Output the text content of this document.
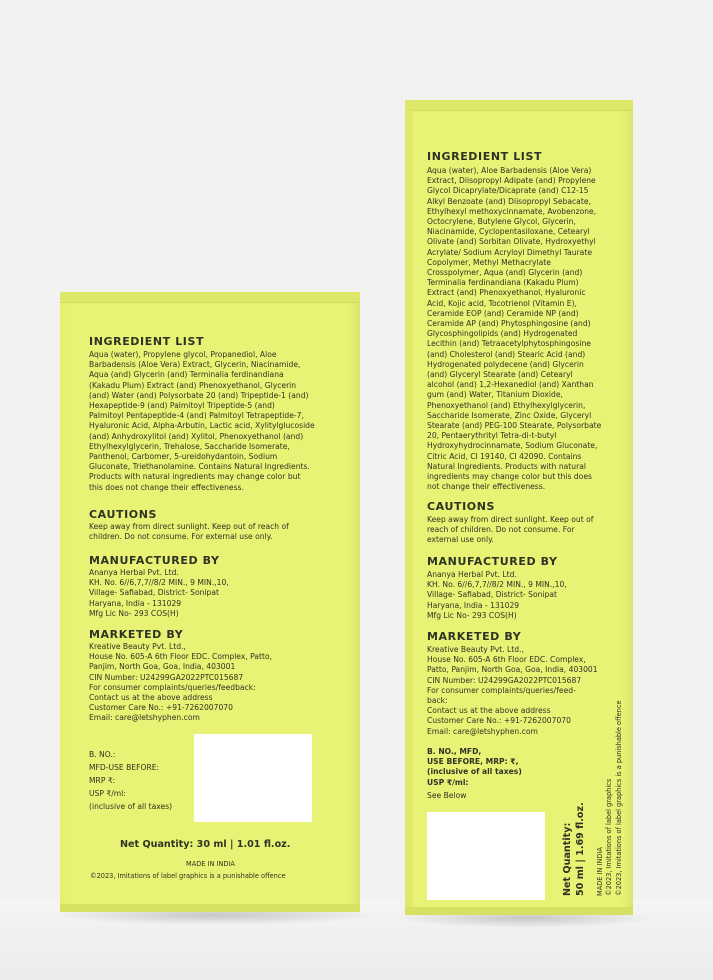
INGREDIENT LIST

Aqua (water), Propylene glycol, Propanediol, Aloe
Barbadensis (Aloe Vera) Extract, Glycerin, Niacinamide,
Aqua (and) Glycerin (and) Terminalia ferdinandiana
(Kakadu Plum) Extract (and) Phenoxyethanol, Glycerin
(and) Water (and) Polysorbate 20 (and) Tripeptide-1 (and)
Hexapeptide-9 (and) Palmitoyl Tripeptide-5 (and)
Palmitoyl Pentapeptide-4 (and) Palmitoyl Tetrapeptide-7,
Hyaluronic Acid, Alpha-Arbutin, Lactic acid, Xylitylglucoside
(and) Anhydroxylitol (and) Xylitol, Phenoxyethanol (and)
Ethylhexylglycerin, Trehalose, Saccharide Isomerate,
Panthenol, Carbomer, 5-ureidohydantoin, Sodium
Gluconate, Triethanolamine. Contains Natural Ingredients.
Products with natural ingredients may change color but
this does not change their effectiveness.

CAUTIONS

Keep away from direct sunlight. Keep out of reach of
children. Do not consume. For external use only.

MANUFACTURED BY

Ananya Herbal Pvt. Ltd.
KH. No. 6//6,7,7//8/2 MIN., 9 MIN.,10,
Village- Safiabad, District- Sonipat
Haryana, India - 131029
Mfg Lic No- 293 COS(H)

MARKETED BY

Kreative Beauty Pvt. Ltd.,
House No. 605-A 6th Floor EDC. Complex, Patto,
Panjim, North Goa, Goa, India, 403001
CIN Number: U24299GA2022PTC015687
For consumer complaints/queries/feedback:
Contact us at the above address
Customer Care No.: +91-7262007070
Email: care@letshyphen.com

B. NO.:
MFD-USE BEFORE:
MRP ₹:
USP ₹/ml:
(inclusive of all taxes)

Net Quantity: 30 ml | 1.01 fl.oz.
MADE IN INDIA
©2023, Imitations of label graphics is a punishable offence
INGREDIENT LIST

Aqua (water), Aloe Barbadensis (Aloe Vera)
Extract, Diisopropyl Adipate (and) Propylene
Glycol Dicaprylate/Dicaprate (and) C12-15
Alkyl Benzoate (and) Diisopropyl Sebacate,
Ethylhexyl methoxycinnamate, Avobenzone,
Octocrylene, Butylene Glycol, Glycerin,
Niacinamide, Cyclopentasiloxane, Cetearyl
Olivate (and) Sorbitan Olivate, Hydroxyethyl
Acrylate/ Sodium Acryloyl Dimethyl Taurate
Copolymer, Methyl Methacrylate
Crosspolymer, Aqua (and) Glycerin (and)
Terminalia ferdinandiana (Kakadu Plum)
Extract (and) Phenoxyethanol, Hyaluronic
Acid, Kojic acid, Tocotrienol (Vitamin E),
Ceramide EOP (and) Ceramide NP (and)
Ceramide AP (and) Phytosphingosine (and)
Glycosphingolipids (and) Hydrogenated
Lecithin (and) Tetraacetylphytosphingosine
(and) Cholesterol (and) Stearic Acid (and)
Hydrogenated polydecene (and) Glycerin
(and) Glyceryl Stearate (and) Cetearyl
alcohol (and) 1,2-Hexanediol (and) Xanthan
gum (and) Water, Titanium Dioxide,
Phenoxyethanol (and) Ethylhexylglycerin,
Saccharide Isomerate, Zinc Oxide, Glyceryl
Stearate (and) PEG-100 Stearate, Polysorbate
20, Pentaerythrityl Tetra-di-t-butyl
Hydroxyhydrocinnamate, Sodium Gluconate,
Citric Acid, CI 19140, CI 42090. Contains
Natural Ingredients. Products with natural
ingredients may change color but this does
not change their effectiveness.

CAUTIONS

Keep away from direct sunlight. Keep out of
reach of children. Do not consume. For
external use only.

MANUFACTURED BY

Ananya Herbal Pvt. Ltd.
KH. No. 6//6,7,7//8/2 MIN., 9 MIN.,10,
Village- Safiabad, District- Sonipat
Haryana, India - 131029
Mfg Lic No- 293 COS(H)

MARKETED BY

Kreative Beauty Pvt. Ltd.,
House No. 605-A 6th Floor EDC. Complex,
Patto, Panjim, North Goa, Goa, India, 403001
CIN Number: U24299GA2022PTC015687
For consumer complaints/queries/feed-
back:
Contact us at the above address
Customer Care No.: +91-7262007070
Email: care@letshyphen.com

B. NO., MFD,
USE BEFORE, MRP: ₹,
(inclusive of all taxes)
USP ₹/ml:

See Below
Net Quantity: 50 ml | 1.69 fl.oz. MADE IN INDIA ©2023, Imitations of label graphics ©2023, Imitations of label graphics is a punishable offence
